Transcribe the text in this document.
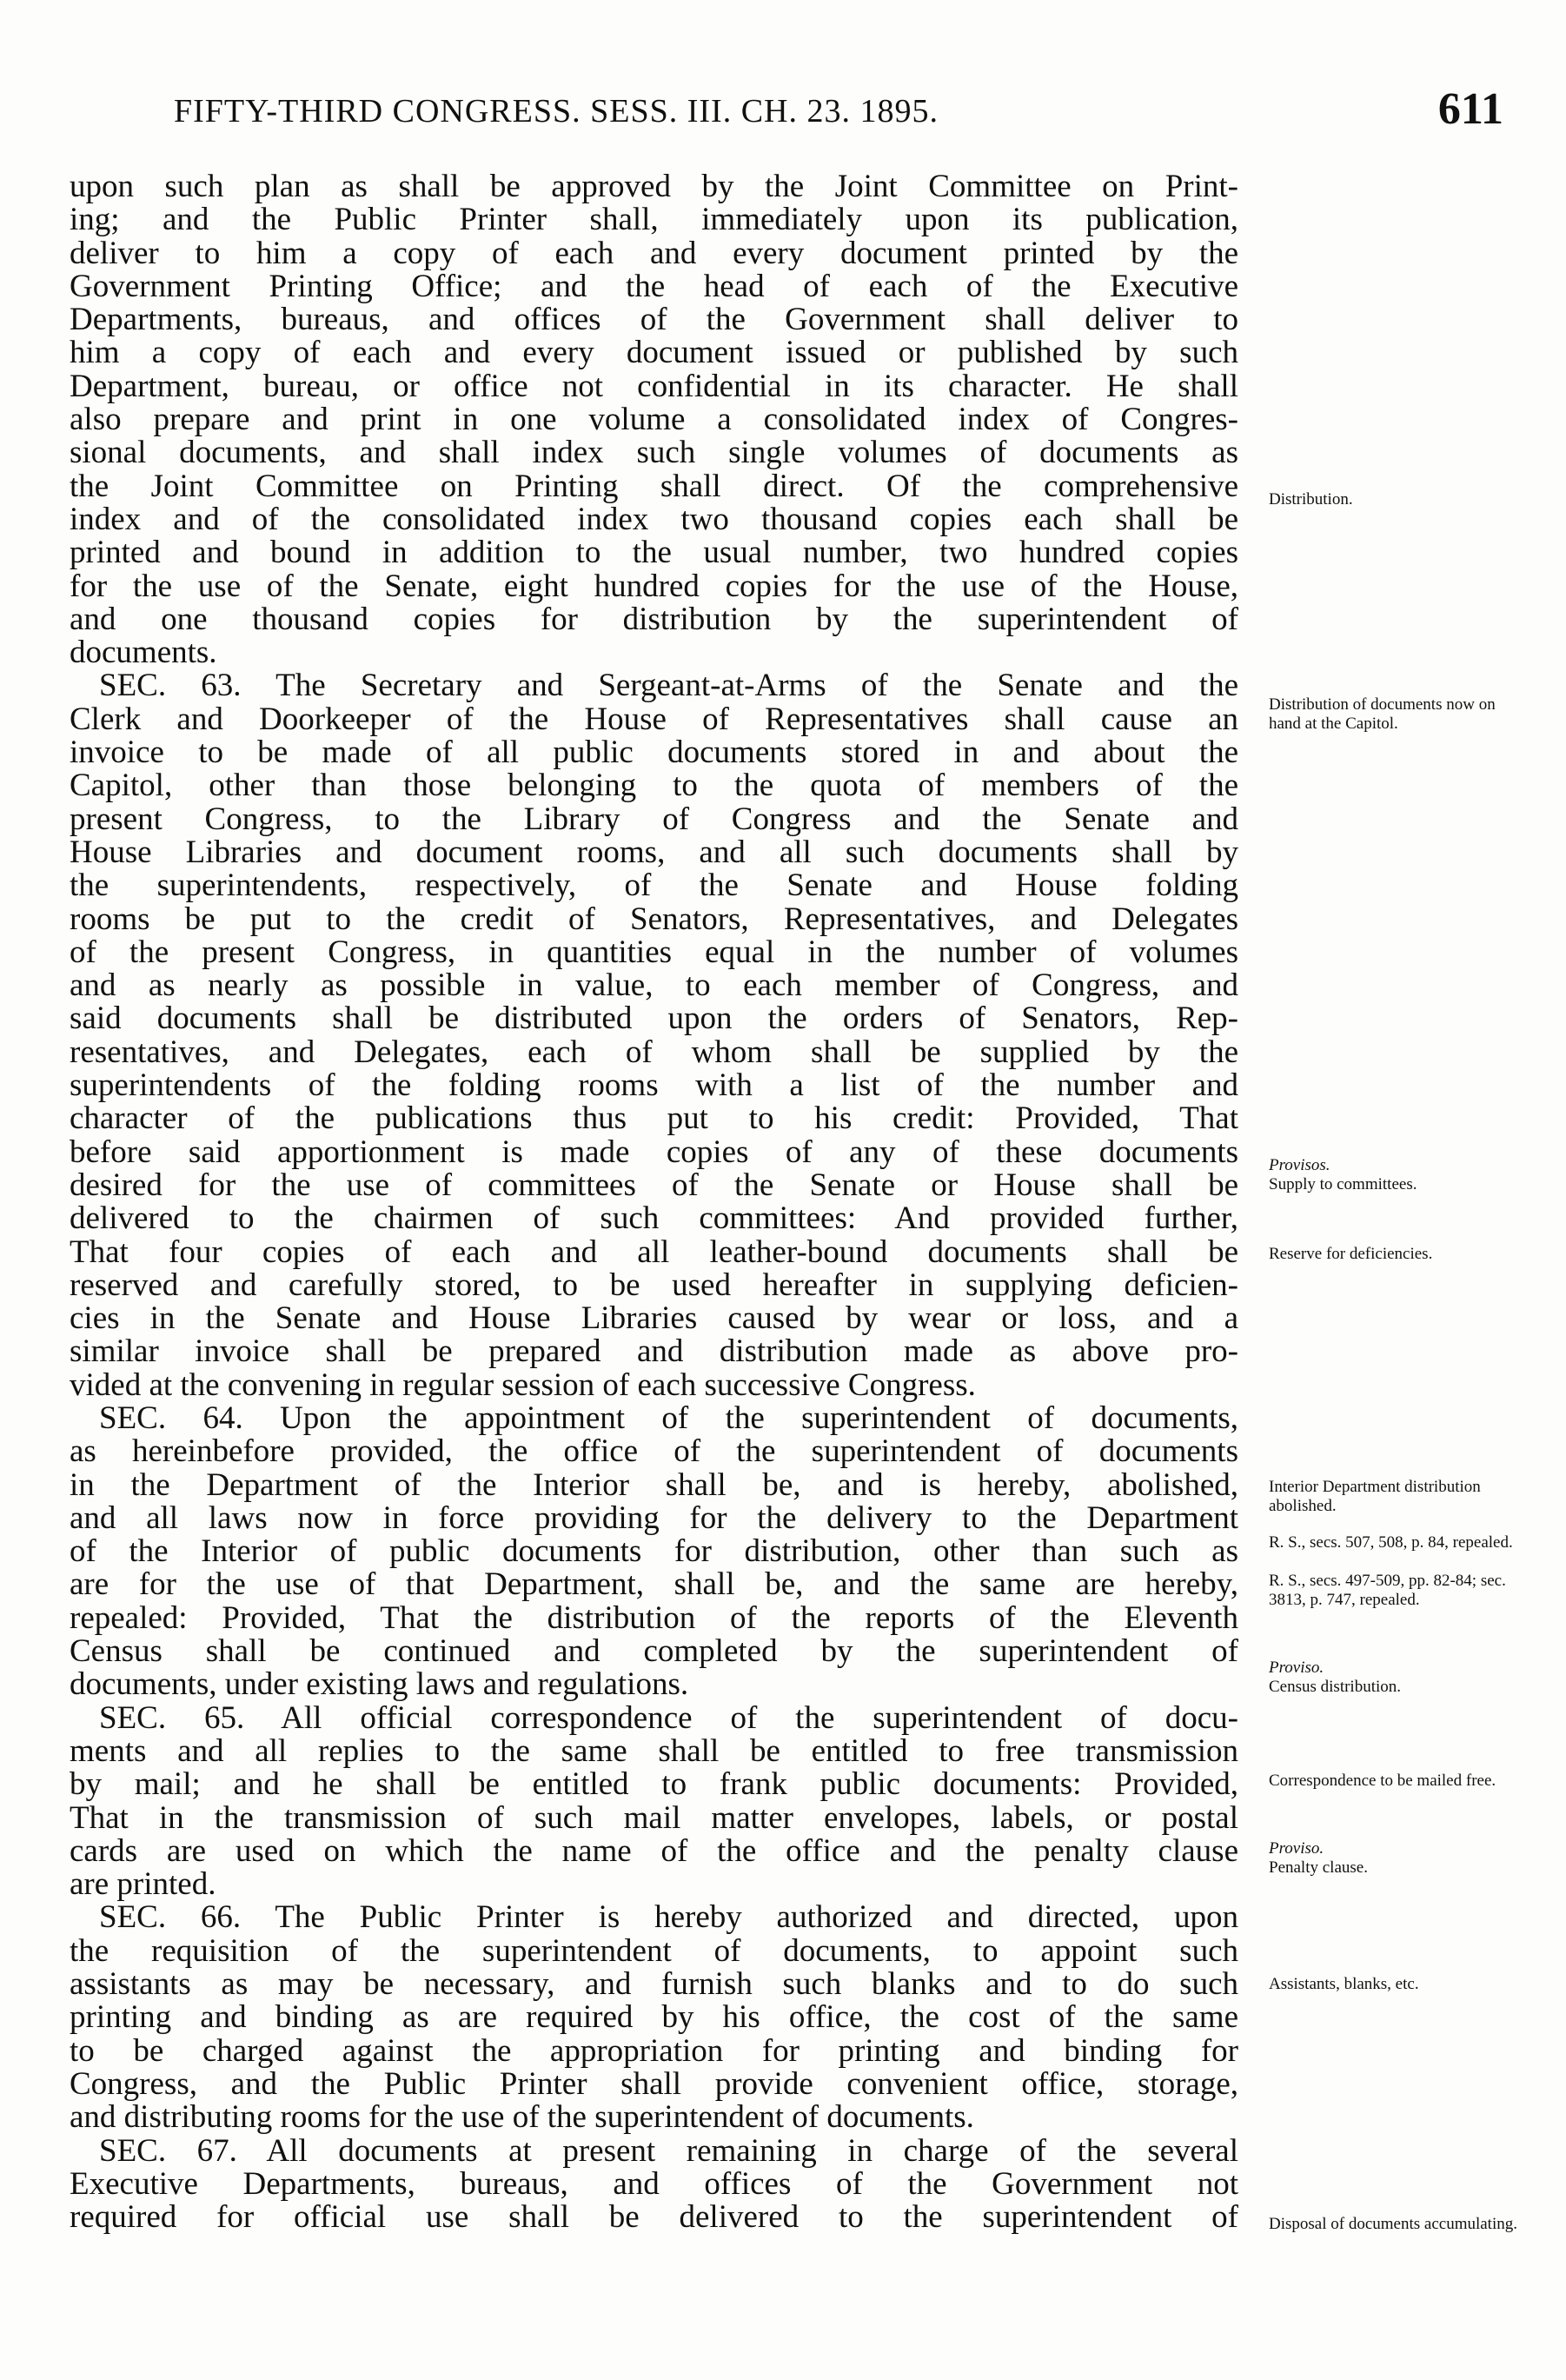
FIFTY-THIRD CONGRESS. SESS. III. CH. 23. 1895.	611
upon such plan as shall be approved by the Joint Committee on Print-
ing; and the Public Printer shall, immediately upon its publication,
deliver to him a copy of each and every document printed by the
Government Printing Office; and the head of each of the Executive
Departments, bureaus, and offices of the Government shall deliver to
him a copy of each and every document issued or published by such
Department, bureau, or office not confidential in its character. He shall
also prepare and print in one volume a consolidated index of Congres-
sional documents, and shall index such single volumes of documents as
the Joint Committee on Printing shall direct. Of the comprehensive
index and of the consolidated index two thousand copies each shall be
printed and bound in addition to the usual number, two hundred copies
for the use of the Senate, eight hundred copies for the use of the House,
and one thousand copies for distribution by the superintendent of
documents.
SEC. 63. The Secretary and Sergeant-at-Arms of the Senate and the
Clerk and Doorkeeper of the House of Representatives shall cause an
invoice to be made of all public documents stored in and about the
Capitol, other than those belonging to the quota of members of the
present Congress, to the Library of Congress and the Senate and
House Libraries and document rooms, and all such documents shall by
the superintendents, respectively, of the Senate and House folding
rooms be put to the credit of Senators, Representatives, and Delegates
of the present Congress, in quantities equal in the number of volumes
and as nearly as possible in value, to each member of Congress, and
said documents shall be distributed upon the orders of Senators, Rep-
resentatives, and Delegates, each of whom shall be supplied by the
superintendents of the folding rooms with a list of the number and
character of the publications thus put to his credit: Provided, That
before said apportionment is made copies of any of these documents
desired for the use of committees of the Senate or House shall be
delivered to the chairmen of such committees: And provided further,
That four copies of each and all leather-bound documents shall be
reserved and carefully stored, to be used hereafter in supplying deficien-
cies in the Senate and House Libraries caused by wear or loss, and a
similar invoice shall be prepared and distribution made as above pro-
vided at the convening in regular session of each successive Congress.
SEC. 64. Upon the appointment of the superintendent of documents,
as hereinbefore provided, the office of the superintendent of documents
in the Department of the Interior shall be, and is hereby, abolished,
and all laws now in force providing for the delivery to the Department
of the Interior of public documents for distribution, other than such as
are for the use of that Department, shall be, and the same are hereby,
repealed: Provided, That the distribution of the reports of the Eleventh
Census shall be continued and completed by the superintendent of
documents, under existing laws and regulations.
SEC. 65. All official correspondence of the superintendent of docu-
ments and all replies to the same shall be entitled to free transmission
by mail; and he shall be entitled to frank public documents: Provided,
That in the transmission of such mail matter envelopes, labels, or postal
cards are used on which the name of the office and the penalty clause
are printed.
SEC. 66. The Public Printer is hereby authorized and directed, upon
the requisition of the superintendent of documents, to appoint such
assistants as may be necessary, and furnish such blanks and to do such
printing and binding as are required by his office, the cost of the same
to be charged against the appropriation for printing and binding for
Congress, and the Public Printer shall provide convenient office, storage,
and distributing rooms for the use of the superintendent of documents.
SEC. 67. All documents at present remaining in charge of the several
Executive Departments, bureaus, and offices of the Government not
required for official use shall be delivered to the superintendent of
Distribution.
Distribution of documents now on hand at the Capitol.
Provisos.
Supply to committees.
Reserve for deficiencies.
Interior Department distribution abolished.
R. S., secs. 507, 508, p. 84, repealed.
R. S., secs. 497-509, pp. 82-84; sec. 3813, p. 747, repealed.
Proviso.
Census distribution.
Correspondence to be mailed free.
Proviso.
Penalty clause.
Assistants, blanks, etc.
Disposal of documents accumulating.
